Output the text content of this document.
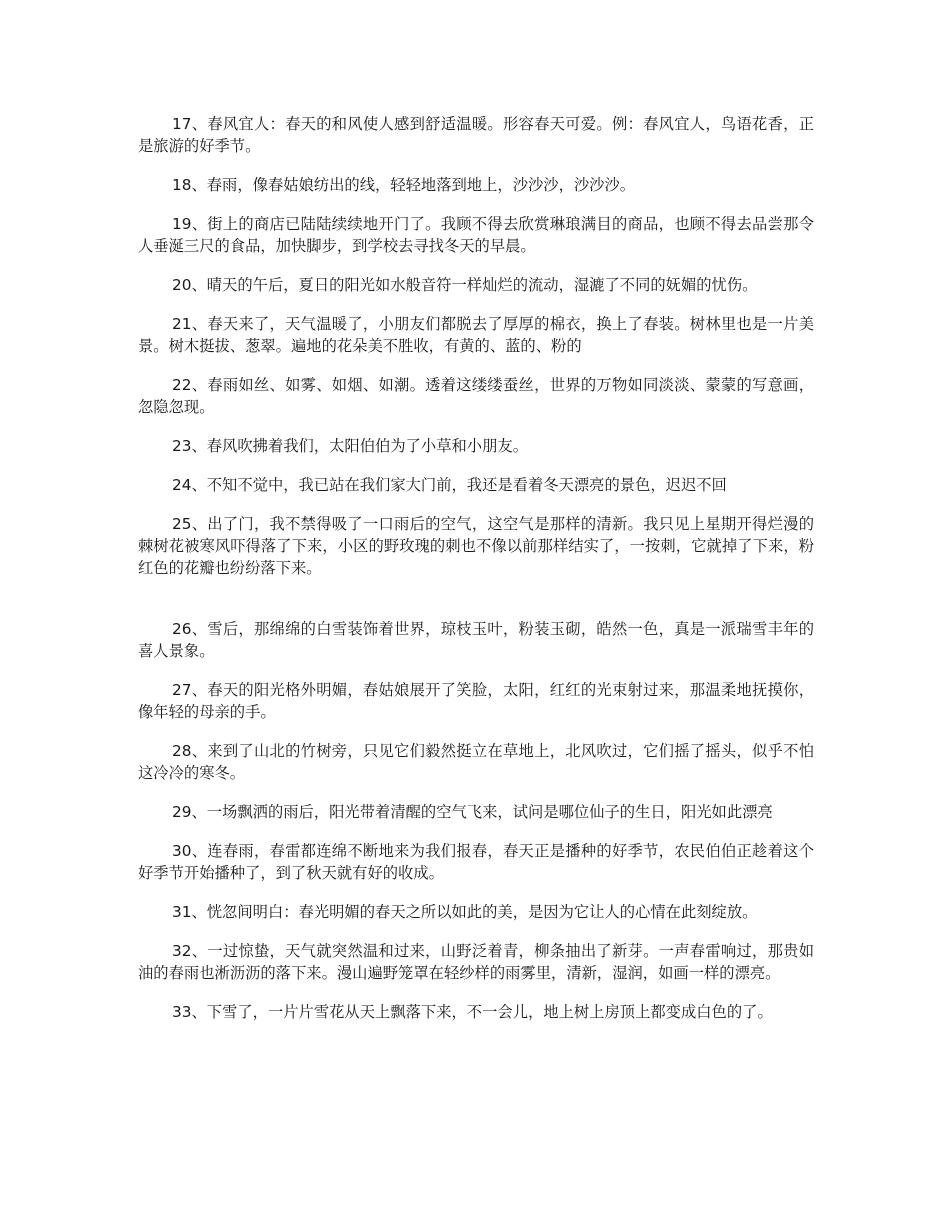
17、春风宜人：春天的和风使人感到舒适温暖。形容春天可爱。例：春风宜人，鸟语花香，正是旅游的好季节。

18、春雨，像春姑娘纺出的线，轻轻地落到地上，沙沙沙，沙沙沙。

19、街上的商店已陆陆续续地开门了。我顾不得去欣赏琳琅满目的商品，也顾不得去品尝那令人垂涎三尺的食品，加快脚步，到学校去寻找冬天的早晨。

20、晴天的午后，夏日的阳光如水般音符一样灿烂的流动，湿漉了不同的妩媚的忧伤。

21、春天来了，天气温暖了，小朋友们都脱去了厚厚的棉衣，换上了春装。树林里也是一片美景。树木挺拔、葱翠。遍地的花朵美不胜收，有黄的、蓝的、粉的

22、春雨如丝、如雾、如烟、如潮。透着这缕缕蚕丝，世界的万物如同淡淡、蒙蒙的写意画，忽隐忽现。

23、春风吹拂着我们，太阳伯伯为了小草和小朋友。

24、不知不觉中，我已站在我们家大门前，我还是看着冬天漂亮的景色，迟迟不回

25、出了门，我不禁得吸了一口雨后的空气，这空气是那样的清新。我只见上星期开得烂漫的棘树花被寒风吓得落了下来，小区的野玫瑰的刺也不像以前那样结实了，一按刺，它就掉了下来，粉红色的花瓣也纷纷落下来。

26、雪后，那绵绵的白雪装饰着世界，琼枝玉叶，粉装玉砌，皓然一色，真是一派瑞雪丰年的喜人景象。

27、春天的阳光格外明媚，春姑娘展开了笑脸，太阳，红红的光束射过来，那温柔地抚摸你，像年轻的母亲的手。

28、来到了山北的竹树旁，只见它们毅然挺立在草地上，北风吹过，它们摇了摇头，似乎不怕这冷冷的寒冬。

29、一场飘洒的雨后，阳光带着清醒的空气飞来，试问是哪位仙子的生日，阳光如此漂亮

30、连春雨，春雷都连绵不断地来为我们报春，春天正是播种的好季节，农民伯伯正趁着这个好季节开始播种了，到了秋天就有好的收成。

31、恍忽间明白：春光明媚的春天之所以如此的美，是因为它让人的心情在此刻绽放。

32、一过惊蛰，天气就突然温和过来，山野泛着青，柳条抽出了新芽。一声春雷响过，那贵如油的春雨也淅沥沥的落下来。漫山遍野笼罩在轻纱样的雨雾里，清新，湿润，如画一样的漂亮。

33、下雪了，一片片雪花从天上飘落下来，不一会儿，地上树上房顶上都变成白色的了。
